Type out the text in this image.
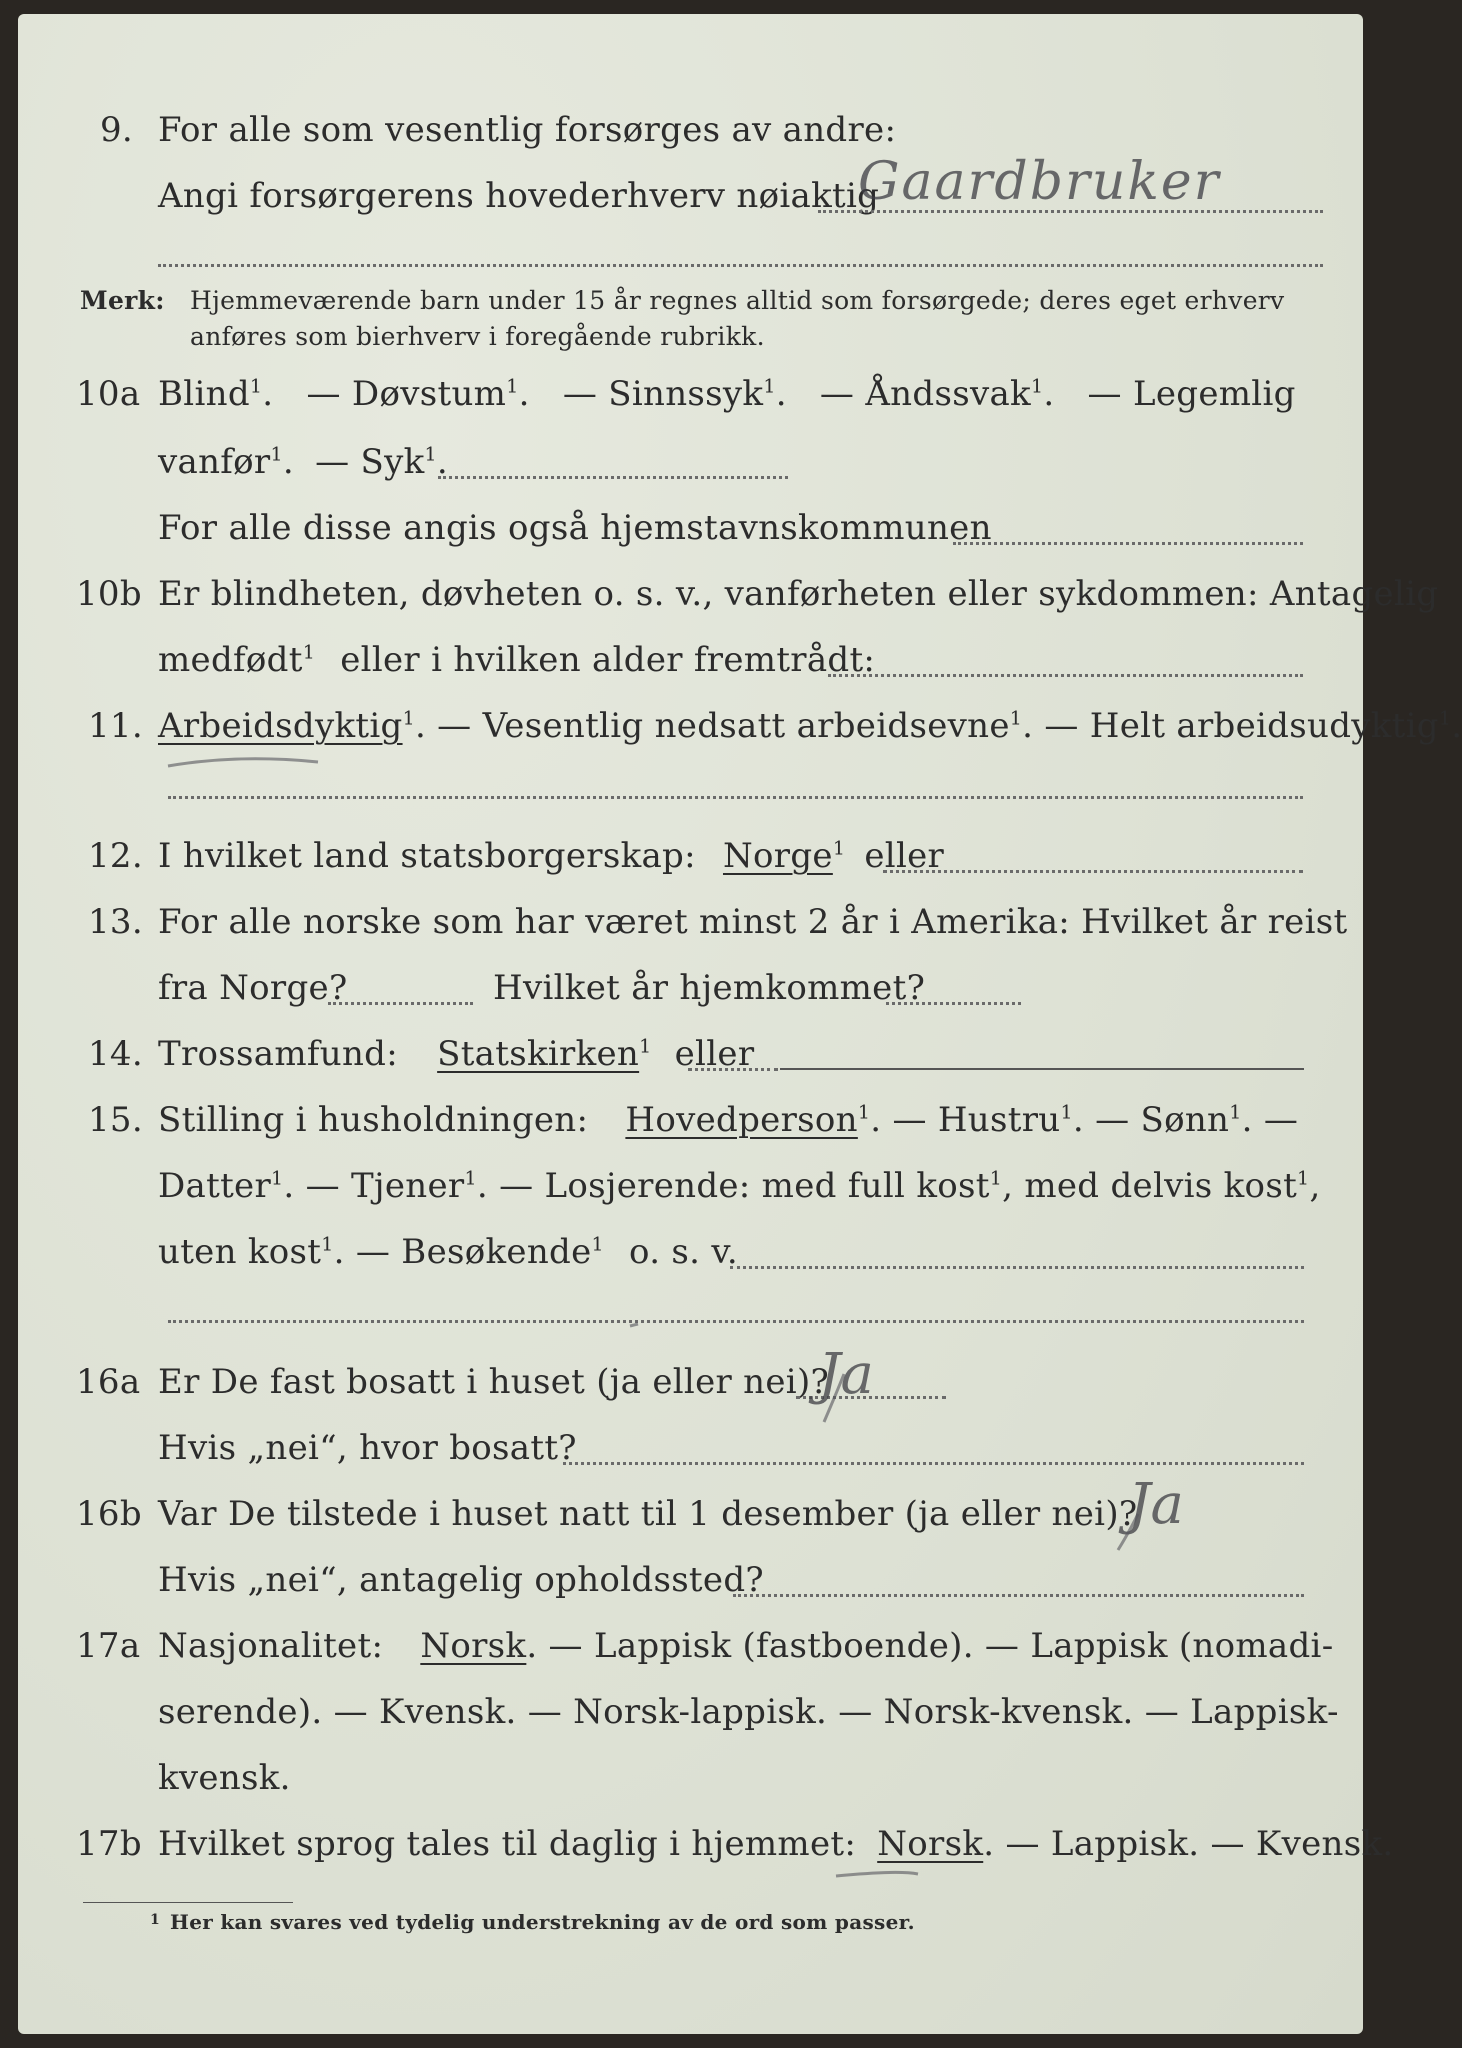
9. For alle som vesentlig forsørges av andre:
Angi forsørgerens hovederhverv nøiaktig
Gaardbruker
Merk: Hjemmeværende barn under 15 år regnes alltid som forsørgede; deres eget erhverv
anføres som bierhverv i foregående rubrikk.
10a Blind$^1$. — Døvstum$^1$. — Sinnssyk$^1$. — Åndssvak$^1$. — Legemlig
vanfør$^1$. — Syk$^1$.
For alle disse angis også hjemstavnskommunen
10b Er blindheten, døvheten o. s. v., vanførheten eller sykdommen: Antagelig
medfødt$^1$ eller i hvilken alder fremtrådt:
11. Arbeidsdyktig$^1$. — Vesentlig nedsatt arbeidsevne$^1$. — Helt arbeidsudyktig$^1$.
12. I hvilket land statsborgerskap: Norge$^1$ eller
13. For alle norske som har været minst 2 år i Amerika: Hvilket år reist
fra Norge?	Hvilket år hjemkommet?
14. Trossamfund: Statskirken$^1$ eller
15. Stilling i husholdningen: Hovedperson$^1$. — Hustru$^1$. — Sønn$^1$. —
Datter$^1$. — Tjener$^1$. — Losjerende: med full kost$^1$, med delvis kost$^1$,
uten kost$^1$. — Besøkende$^1$ o. s. v.
16a Er De fast bosatt i huset (ja eller nei)?
Ja
Hvis „nei“, hvor bosatt?
16b Var De tilstede i huset natt til 1 desember (ja eller nei)?
Ja
Hvis „nei“, antagelig opholdssted?
17a Nasjonalitet: Norsk. — Lappisk (fastboende). — Lappisk (nomadi-
serende). — Kvensk. — Norsk-lappisk. — Norsk-kvensk. — Lappisk-
kvensk.
17b Hvilket sprog tales til daglig i hjemmet: Norsk. — Lappisk. — Kvensk.
1 Her kan svares ved tydelig understrekning av de ord som passer.
